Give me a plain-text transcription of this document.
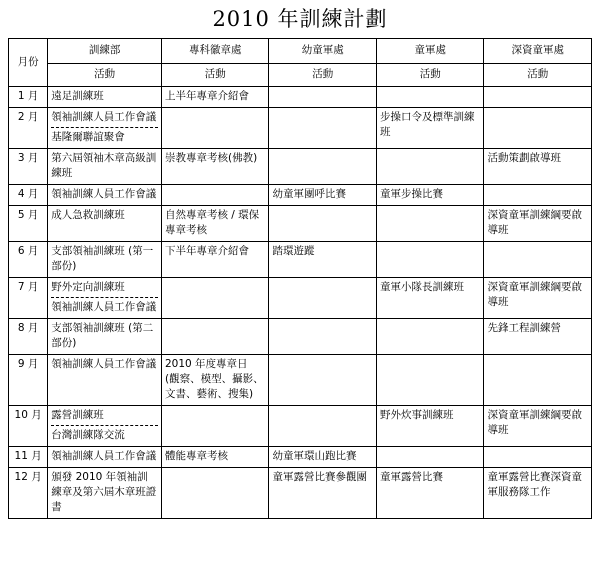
2010 年訓練計劃
月份	訓練部	專科徽章處	幼童軍處	童軍處	深資童軍處
	活動	活動	活動	活動	活動
1 月	遠足訓練班	上半年專章介紹會			

2 月	領袖訓練人員工作會議
基隆爾聯誼聚會			步操口令及標準訓練班	

3 月	第六屆領袖木章高級訓練班	崇教專章考核(佛教)			活動策劃啟導班

4 月	領袖訓練人員工作會議		幼童軍團呼比賽	童軍步操比賽	

5 月	成人急救訓練班	自然專章考核 / 環保專章考核			深資童軍訓練綱要啟導班

6 月	支部領袖訓練班 (第一部份)	下半年專章介紹會	踏環遊蹤		

7 月	野外定向訓練班
領袖訓練人員工作會議			童軍小隊長訓練班	深資童軍訓練綱要啟導班

8 月	支部領袖訓練班 (第二部份)				先鋒工程訓練營

9 月	領袖訓練人員工作會議	2010 年度專章日
(觀察、模型、攝影、文書、藝術、搜集)			

10 月	露營訓練班
台灣訓練隊交流			野外炊事訓練班	深資童軍訓練綱要啟導班

11 月	領袖訓練人員工作會議	體能專章考核	幼童軍環山跑比賽		

12 月	頒發 2010 年領袖訓練章及第六屆木章班證書		童軍露營比賽參觀團	童軍露營比賽	童軍露營比賽深資童軍服務隊工作
